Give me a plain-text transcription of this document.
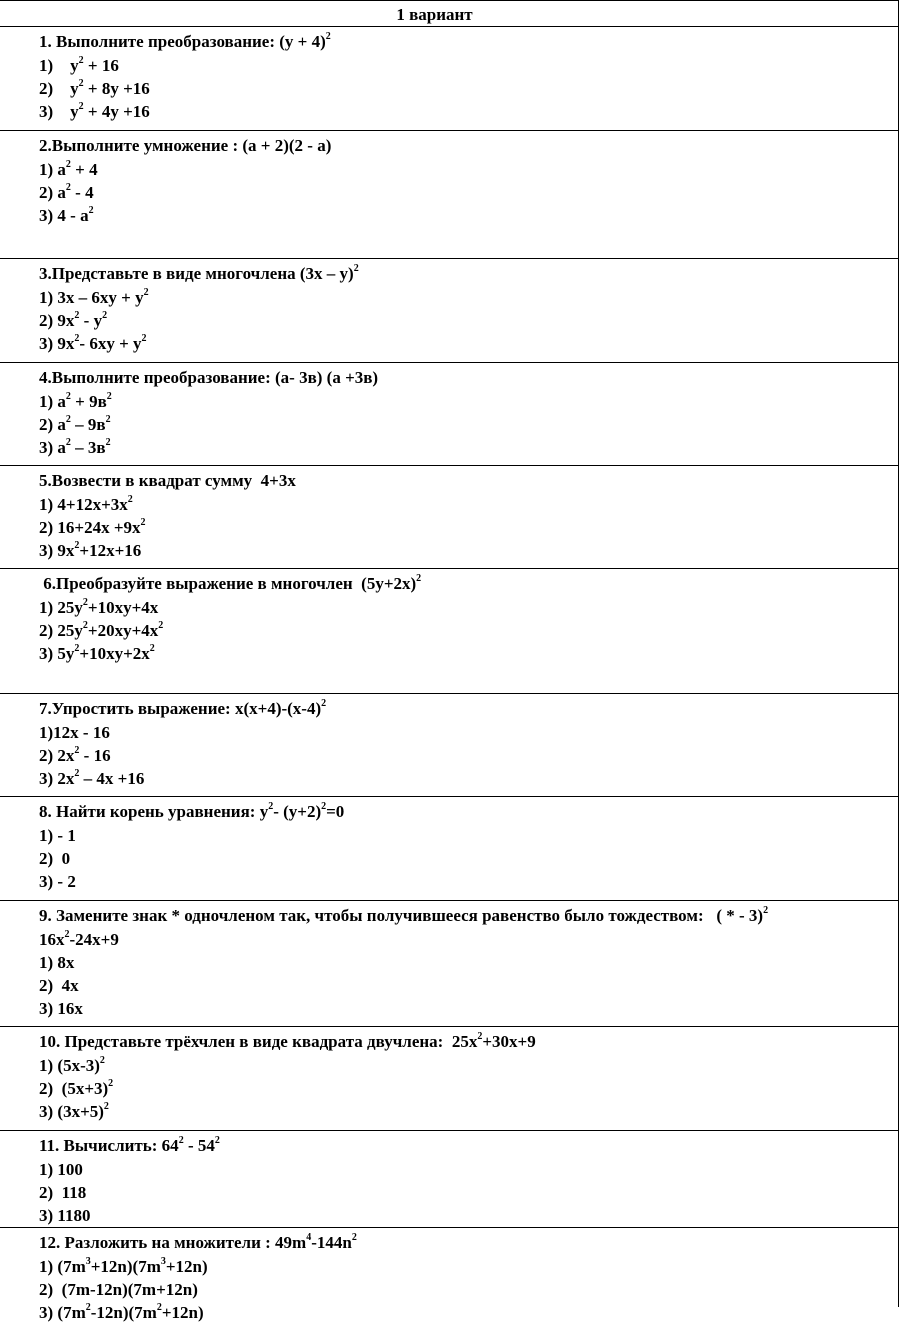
1 вариант
1. Выполните преобразование: $(y + 4)^2$
1)    $y^2 + 16$
2)    $y^2 + 8y +16$
3)    $y^2 + 4y +16$
2.Выполните умножение : (a + 2)(2 - a)
1) $a^2 + 4$
2) $a^2 - 4$
3) $4 - a^2$
3.Представьте в виде многочлена (3x – y)$^2$
1) $3x - 6xy + y^2$
2) $9x^2 - y^2$
3) $9x^2-$ $6xy + y^2$
4.Выполните преобразование: (a- 3в) (a +3в)
1) $a^2 + 9в^2$
2) $a^2 - 9в^2$
3) $a^2 - 3в^2$
5.Возвести в квадрат сумму  4+3x
1) $4+12x+3x^2$
2) $16+24x +9x^2$
3) $9x^2+12x+16$
6.Преобразуйте выражение в многочлен  $(5y+2x)^2$
1) $25y^2+10xy+4x$
2) $25y^2+20xy+4x^2$
3) $5y^2+10xy+2x^2$
7.Упростить выражение: $x(x+4)-(x-4)^2$
1)12x - 16
2) $2x^2 - 16$
3) $2x^2 - 4x +16$
8. Найти корень уравнения: $y^2-$ $(y+2)^2=0$
1) - 1
2)  0
3) - 2
9. Замените знак * одночленом так, чтобы получившееся равенство было тождеством:   ( * - 3)$^2$
$16x^2-24x+9$
1) 8x
2)  4x
3) 16x
10. Представьте трёхчлен в виде квадрата двучлена:  $25x^2+30x+9$
1) $(5x-3)^2$
2)  $(5x+3)^2$
3) $(3x+5)^2$
11. Вычислить: $64^2 - 54^2$
1) 100
2)  118
3) 1180
12. Разложить на множители : $49m^4-144n^2$
1) $(7m^3+12n)(7m^3+12n)$
2)  (7m-12n)(7m+12n)
3) $(7m^2-12n)(7m^2+12n)$
